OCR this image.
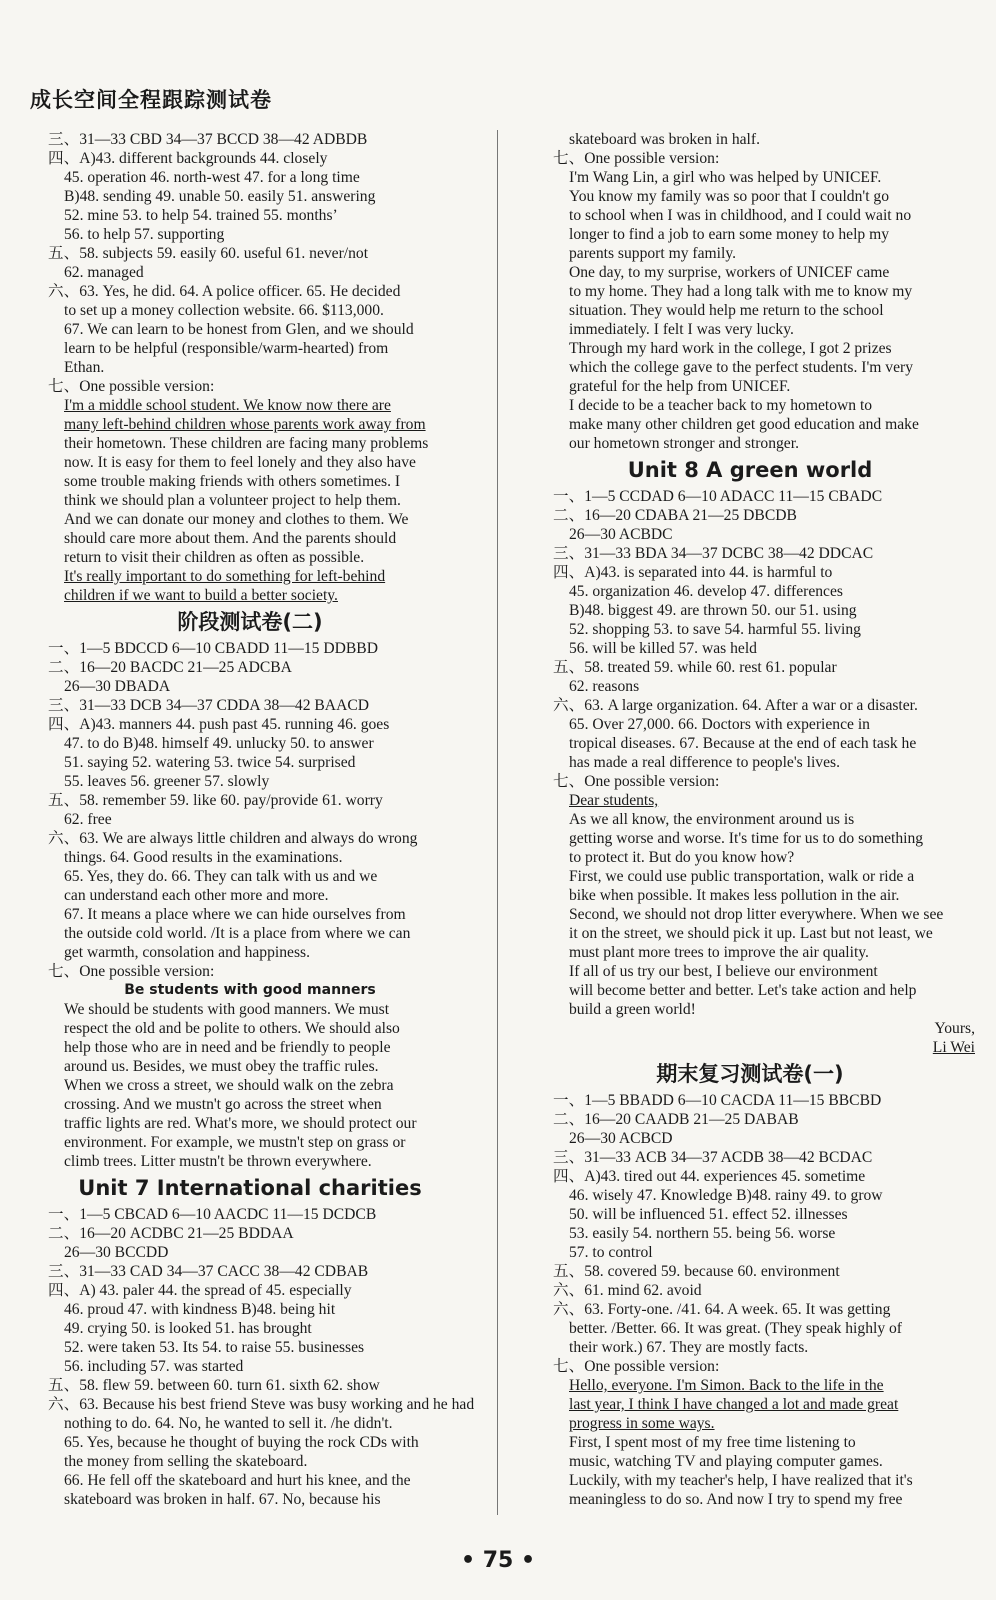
成长空间全程跟踪测试卷
三、31—33 CBD 34—37 BCCD 38—42 ADBDB
四、A)43. different backgrounds 44. closely
45. operation 46. north-west 47. for a long time
B)48. sending 49. unable 50. easily 51. answering
52. mine 53. to help 54. trained 55. months’
56. to help 57. supporting
五、58. subjects 59. easily 60. useful 61. never/not
62. managed
六、63. Yes, he did. 64. A police officer. 65. He decided
to set up a money collection website. 66. $113,000.
67. We can learn to be honest from Glen, and we should
learn to be helpful (responsible/warm-hearted) from
Ethan.
七、One possible version:
I'm a middle school student. We know now there are
many left-behind children whose parents work away from
their hometown. These children are facing many problems
now. It is easy for them to feel lonely and they also have
some trouble making friends with others sometimes. I
think we should plan a volunteer project to help them.
And we can donate our money and clothes to them. We
should care more about them. And the parents should
return to visit their children as often as possible.
It's really important to do something for left-behind
children if we want to build a better society.
阶段测试卷(二)
一、1—5 BDCCD 6—10 CBADD 11—15 DDBBD
二、16—20 BACDC 21—25 ADCBA
26—30 DBADA
三、31—33 DCB 34—37 CDDA 38—42 BAACD
四、A)43. manners 44. push past 45. running 46. goes
47. to do B)48. himself 49. unlucky 50. to answer
51. saying 52. watering 53. twice 54. surprised
55. leaves 56. greener 57. slowly
五、58. remember 59. like 60. pay/provide 61. worry
62. free
六、63. We are always little children and always do wrong
things. 64. Good results in the examinations.
65. Yes, they do. 66. They can talk with us and we
can understand each other more and more.
67. It means a place where we can hide ourselves from
the outside cold world. /It is a place from where we can
get warmth, consolation and happiness.
七、One possible version:
Be students with good manners
We should be students with good manners. We must
respect the old and be polite to others. We should also
help those who are in need and be friendly to people
around us. Besides, we must obey the traffic rules.
When we cross a street, we should walk on the zebra
crossing. And we mustn't go across the street when
traffic lights are red. What's more, we should protect our
environment. For example, we mustn't step on grass or
climb trees. Litter mustn't be thrown everywhere.
Unit 7 International charities
一、1—5 CBCAD 6—10 AACDC 11—15 DCDCB
二、16—20 ACDBC 21—25 BDDAA
26—30 BCCDD
三、31—33 CAD 34—37 CACC 38—42 CDBAB
四、A) 43. paler 44. the spread of 45. especially
46. proud 47. with kindness B)48. being hit
49. crying 50. is looked 51. has brought
52. were taken 53. Its 54. to raise 55. businesses
56. including 57. was started
五、58. flew 59. between 60. turn 61. sixth 62. show
六、63. Because his best friend Steve was busy working and he had
nothing to do. 64. No, he wanted to sell it. /he didn't.
65. Yes, because he thought of buying the rock CDs with
the money from selling the skateboard.
66. He fell off the skateboard and hurt his knee, and the
skateboard was broken in half. 67. No, because his
skateboard was broken in half.
七、One possible version:
I'm Wang Lin, a girl who was helped by UNICEF.
You know my family was so poor that I couldn't go
to school when I was in childhood, and I could wait no
longer to find a job to earn some money to help my
parents support my family.
One day, to my surprise, workers of UNICEF came
to my home. They had a long talk with me to know my
situation. They would help me return to the school
immediately. I felt I was very lucky.
Through my hard work in the college, I got 2 prizes
which the college gave to the perfect students. I'm very
grateful for the help from UNICEF.
I decide to be a teacher back to my hometown to
make many other children get good education and make
our hometown stronger and stronger.
Unit 8 A green world
一、1—5 CCDAD 6—10 ADACC 11—15 CBADC
二、16—20 CDABA 21—25 DBCDB
26—30 ACBDC
三、31—33 BDA 34—37 DCBC 38—42 DDCAC
四、A)43. is separated into 44. is harmful to
45. organization 46. develop 47. differences
B)48. biggest 49. are thrown 50. our 51. using
52. shopping 53. to save 54. harmful 55. living
56. will be killed 57. was held
五、58. treated 59. while 60. rest 61. popular
62. reasons
六、63. A large organization. 64. After a war or a disaster.
65. Over 27,000. 66. Doctors with experience in
tropical diseases. 67. Because at the end of each task he
has made a real difference to people's lives.
七、One possible version:
Dear students,
As we all know, the environment around us is
getting worse and worse. It's time for us to do something
to protect it. But do you know how?
First, we could use public transportation, walk or ride a
bike when possible. It makes less pollution in the air.
Second, we should not drop litter everywhere. When we see
it on the street, we should pick it up. Last but not least, we
must plant more trees to improve the air quality.
If all of us try our best, I believe our environment
will become better and better. Let's take action and help
build a green world!
Yours,
Li Wei
期末复习测试卷(一)
一、1—5 BBADD 6—10 CACDA 11—15 BBCBD
二、16—20 CAADB 21—25 DABAB
26—30 ACBCD
三、31—33 ACB 34—37 ACDB 38—42 BCDAC
四、A)43. tired out 44. experiences 45. sometime
46. wisely 47. Knowledge B)48. rainy 49. to grow
50. will be influenced 51. effect 52. illnesses
53. easily 54. northern 55. being 56. worse
57. to control
五、58. covered 59. because 60. environment
六、61. mind 62. avoid
六、63. Forty-one. /41. 64. A week. 65. It was getting
better. /Better. 66. It was great. (They speak highly of
their work.) 67. They are mostly facts.
七、One possible version:
Hello, everyone. I'm Simon. Back to the life in the
last year, I think I have changed a lot and made great
progress in some ways.
First, I spent most of my free time listening to
music, watching TV and playing computer games.
Luckily, with my teacher's help, I have realized that it's
meaningless to do so. And now I try to spend my free
• 75 •
